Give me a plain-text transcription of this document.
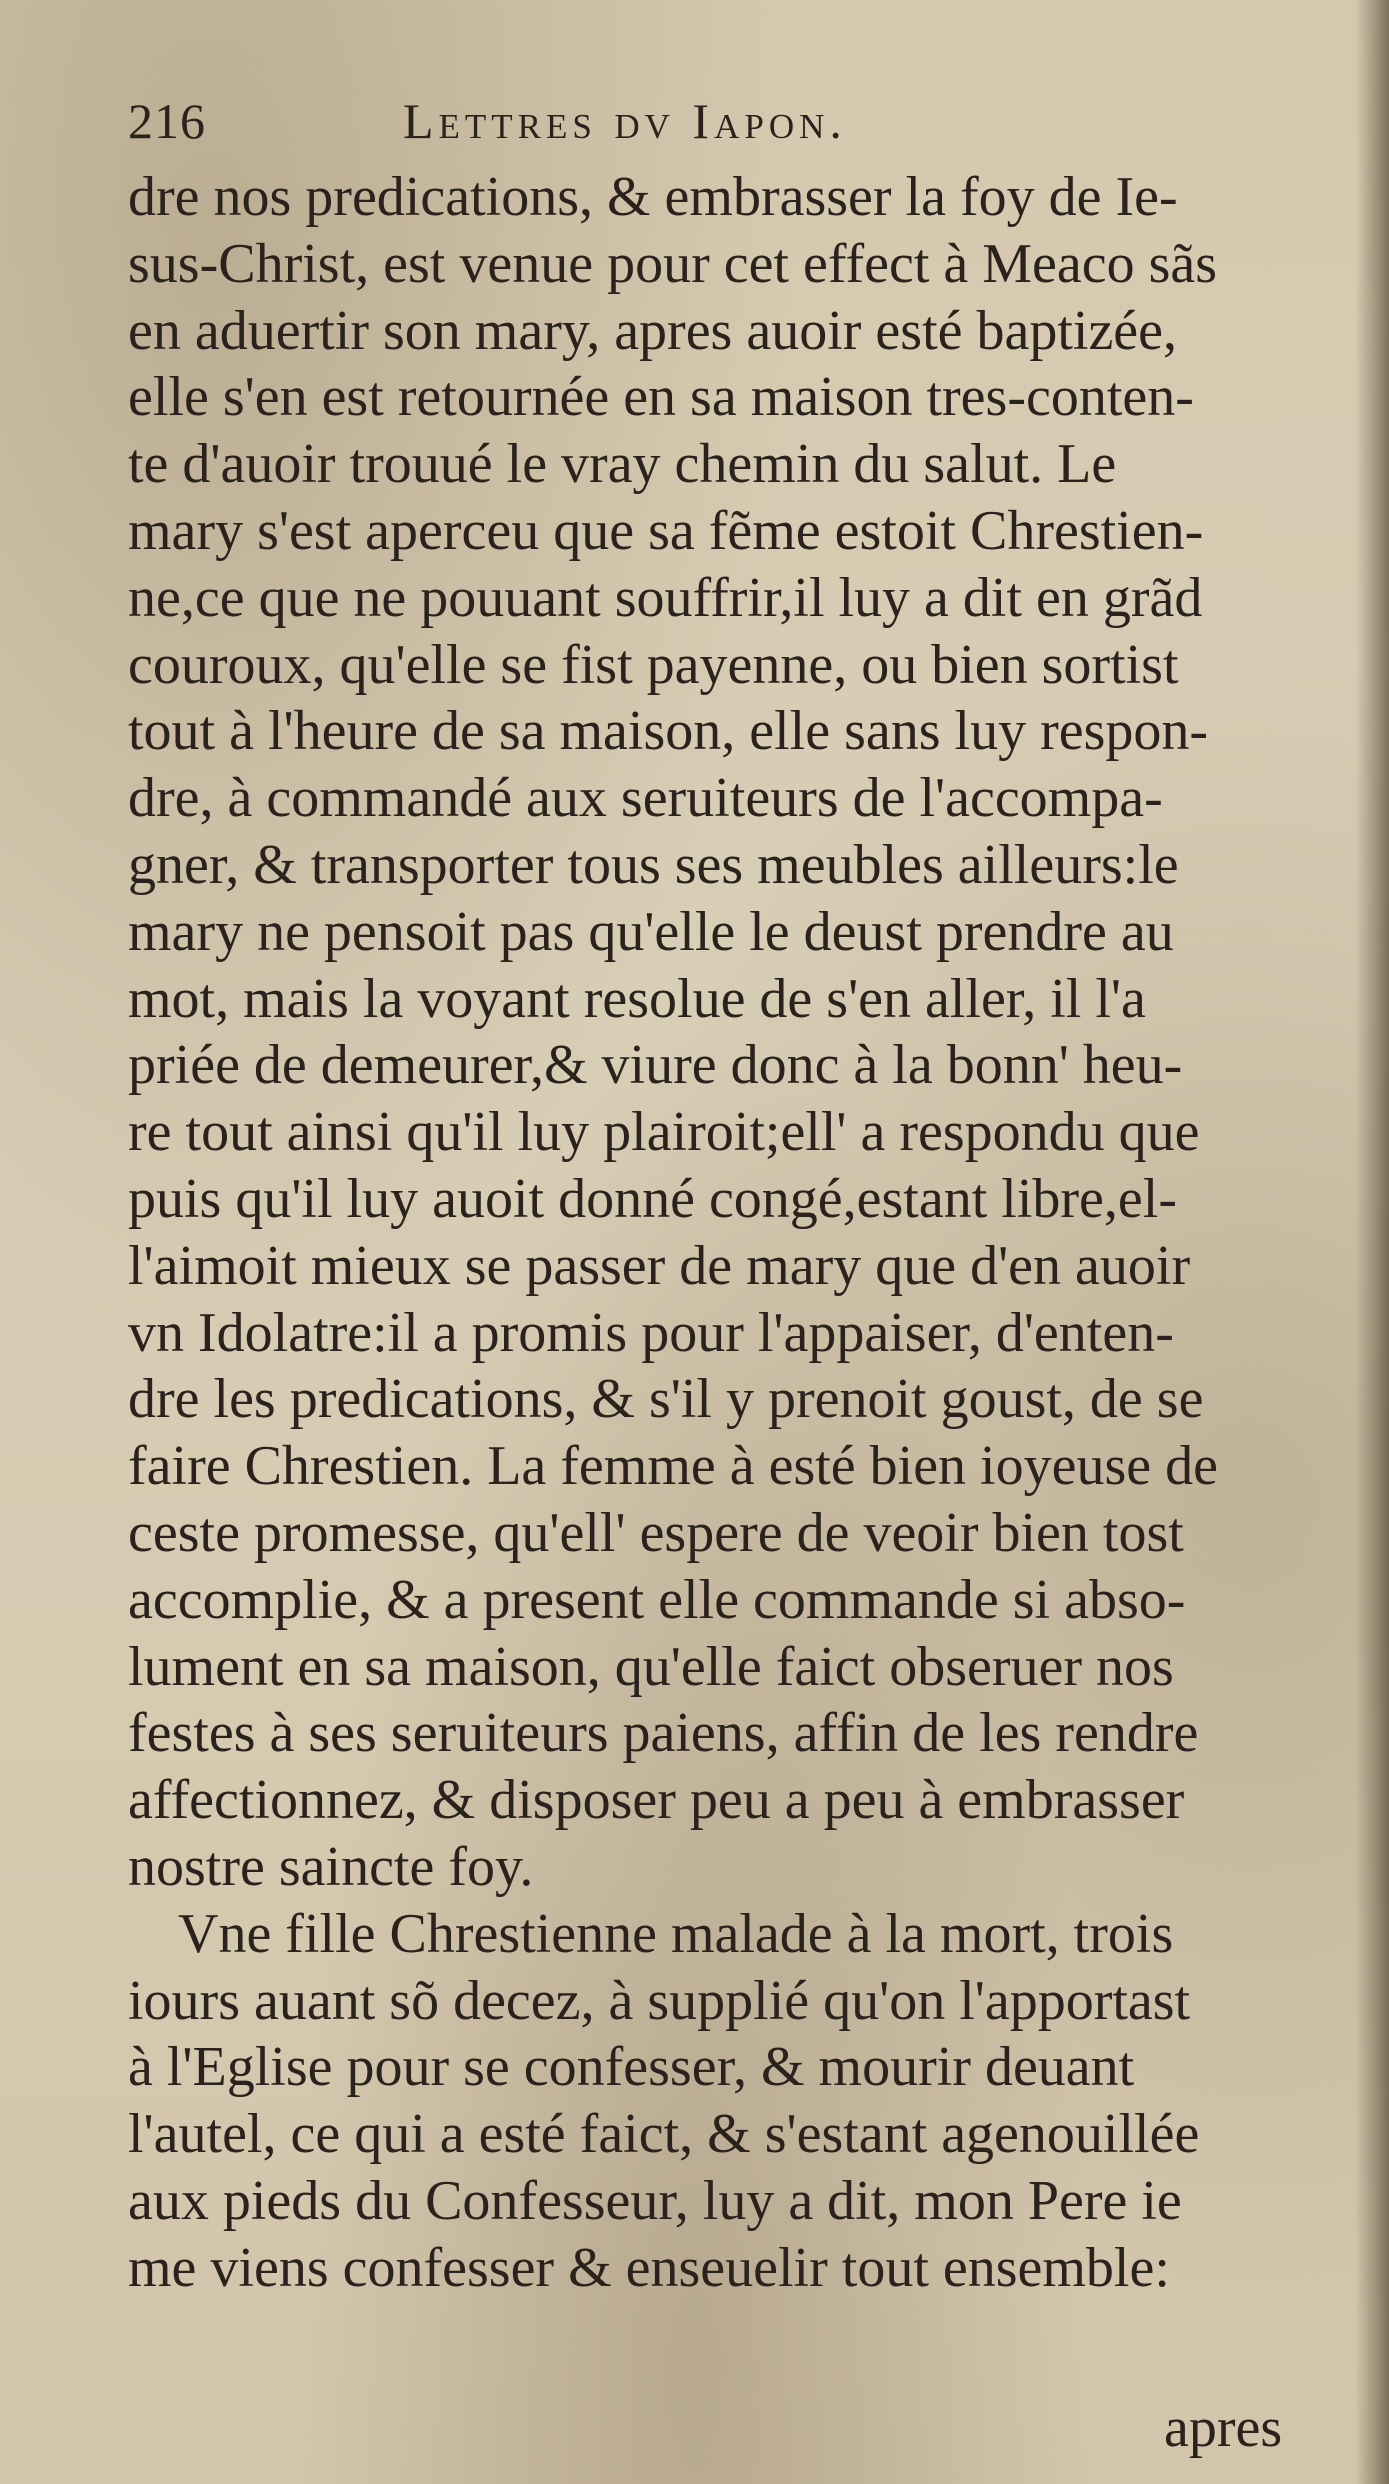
216	Lettres dv Iapon.
dre nos predications, & embrasser la foy de Ie-
sus-Christ, est venue pour cet effect à Meaco sãs
en aduertir son mary, apres auoir esté baptizée,
elle s'en est retournée en sa maison tres-conten-
te d'auoir trouué le vray chemin du salut. Le
mary s'est aperceu que sa fẽme estoit Chrestien-
ne,ce que ne pouuant souffrir,il luy a dit en grãd
couroux, qu'elle se fist payenne, ou bien sortist
tout à l'heure de sa maison, elle sans luy respon-
dre, à commandé aux seruiteurs de l'accompa-
gner, & transporter tous ses meubles ailleurs:le
mary ne pensoit pas qu'elle le deust prendre au
mot, mais la voyant resolue de s'en aller, il l'a
priée de demeurer,& viure donc à la bonn' heu-
re tout ainsi qu'il luy plairoit;ell' a respondu que
puis qu'il luy auoit donné congé,estant libre,el-
l'aimoit mieux se passer de mary que d'en auoir
vn Idolatre:il a promis pour l'appaiser, d'enten-
dre les predications, & s'il y prenoit goust, de se
faire Chrestien. La femme à esté bien ioyeuse de
ceste promesse, qu'ell' espere de veoir bien tost
accomplie, & a present elle commande si abso-
lument en sa maison, qu'elle faict obseruer nos
festes à ses seruiteurs paiens, affin de les rendre
affectionnez, & disposer peu a peu à embrasser
nostre saincte foy.
Vne fille Chrestienne malade à la mort, trois
iours auant sõ decez, à supplié qu'on l'apportast
à l'Eglise pour se confesser, & mourir deuant
l'autel, ce qui a esté faict, & s'estant agenouillée
aux pieds du Confesseur, luy a dit, mon Pere ie
me viens confesser & enseuelir tout ensemble:
apres
